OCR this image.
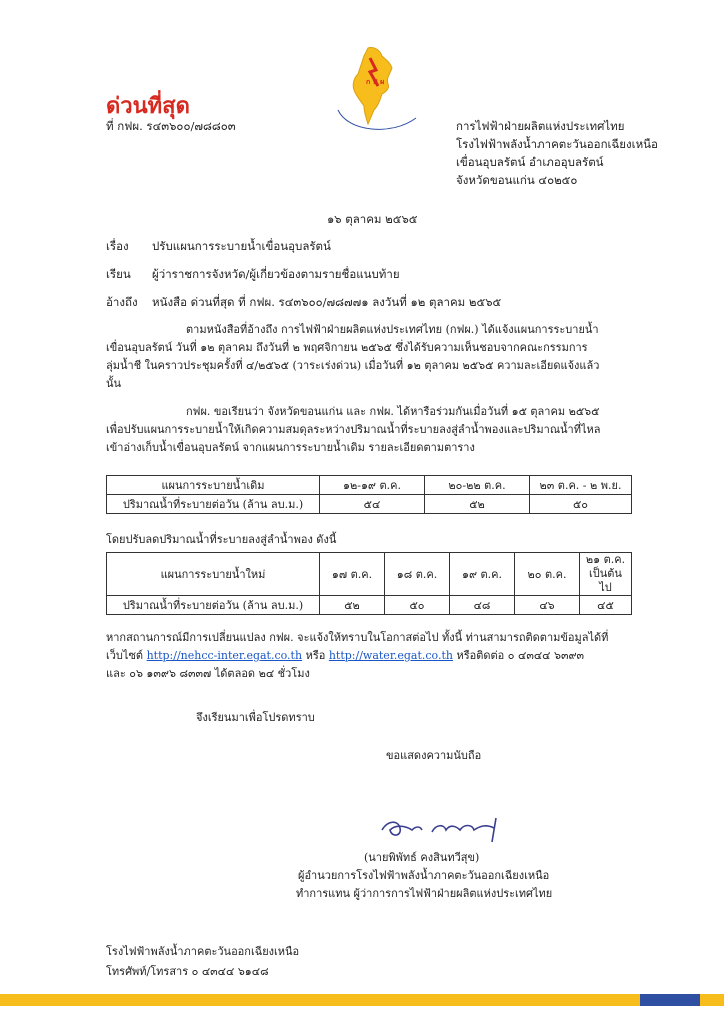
ด่วนที่สุด
ที่ กฟผ. ร๔๓๖๐๐/๗๘๘๐๓
ก ฟ ผ
การไฟฟ้าฝ่ายผลิตแห่งประเทศไทย
โรงไฟฟ้าพลังน้ำภาคตะวันออกเฉียงเหนือ
เขื่อนอุบลรัตน์ อำเภออุบลรัตน์
จังหวัดขอนแก่น ๔๐๒๕๐
๑๖ ตุลาคม ๒๕๖๕
เรื่อง ปรับแผนการระบายน้ำเขื่อนอุบลรัตน์
เรียน ผู้ว่าราชการจังหวัด/ผู้เกี่ยวข้องตามรายชื่อแนบท้าย
อ้างถึง หนังสือ ด่วนที่สุด ที่ กฟผ. ร๔๓๖๐๐/๗๘๗๗๑ ลงวันที่ ๑๒ ตุลาคม ๒๕๖๕
ตามหนังสือที่อ้างถึง การไฟฟ้าฝ่ายผลิตแห่งประเทศไทย (กฟผ.) ได้แจ้งแผนการระบายน้ำ
เขื่อนอุบลรัตน์ วันที่ ๑๒ ตุลาคม ถึงวันที่ ๒ พฤศจิกายน ๒๕๖๕ ซึ่งได้รับความเห็นชอบจากคณะกรรมการ
ลุ่มน้ำชี ในคราวประชุมครั้งที่ ๔/๒๕๖๕ (วาระเร่งด่วน) เมื่อวันที่ ๑๒ ตุลาคม ๒๕๖๕ ความละเอียดแจ้งแล้ว
นั้น
กฟผ. ขอเรียนว่า จังหวัดขอนแก่น และ กฟผ. ได้หารือร่วมกันเมื่อวันที่ ๑๕ ตุลาคม ๒๕๖๕
เพื่อปรับแผนการระบายน้ำให้เกิดความสมดุลระหว่างปริมาณน้ำที่ระบายลงสู่ลำน้ำพองและปริมาณน้ำที่ไหล
เข้าอ่างเก็บน้ำเขื่อนอุบลรัตน์ จากแผนการระบายน้ำเดิม รายละเอียดตามตาราง
แผนการระบายน้ำเดิม	๑๒-๑๙ ต.ค.	๒๐-๒๒ ต.ค.	๒๓ ต.ค. - ๒ พ.ย.
ปริมาณน้ำที่ระบายต่อวัน (ล้าน ลบ.ม.)	๕๔	๕๒	๕๐
โดยปรับลดปริมาณน้ำที่ระบายลงสู่ลำน้ำพอง ดังนี้
แผนการระบายน้ำใหม่	๑๗ ต.ค.	๑๘ ต.ค.	๑๙ ต.ค.	๒๐ ต.ค.	๒๑ ต.ค.
เป็นต้นไป

ปริมาณน้ำที่ระบายต่อวัน (ล้าน ลบ.ม.)	๕๒	๕๐	๔๘	๔๖	๔๕
หากสถานการณ์มีการเปลี่ยนแปลง กฟผ. จะแจ้งให้ทราบในโอกาสต่อไป ทั้งนี้ ท่านสามารถติดตามข้อมูลได้ที่
เว็บไซต์ http://nehcc-inter.egat.co.th หรือ http://water.egat.co.th หรือติดต่อ ๐ ๔๓๔๔ ๖๓๙๓
และ ๐๖ ๑๓๙๖ ๘๓๓๗ ได้ตลอด ๒๔ ชั่วโมง
จึงเรียนมาเพื่อโปรดทราบ
ขอแสดงความนับถือ
(นายพิพัทธ์ คงสินทวีสุข)
ผู้อำนวยการโรงไฟฟ้าพลังน้ำภาคตะวันออกเฉียงเหนือ
ทำการแทน ผู้ว่าการการไฟฟ้าฝ่ายผลิตแห่งประเทศไทย
โรงไฟฟ้าพลังน้ำภาคตะวันออกเฉียงเหนือ
โทรศัพท์/โทรสาร ๐ ๔๓๔๔ ๖๑๔๘
